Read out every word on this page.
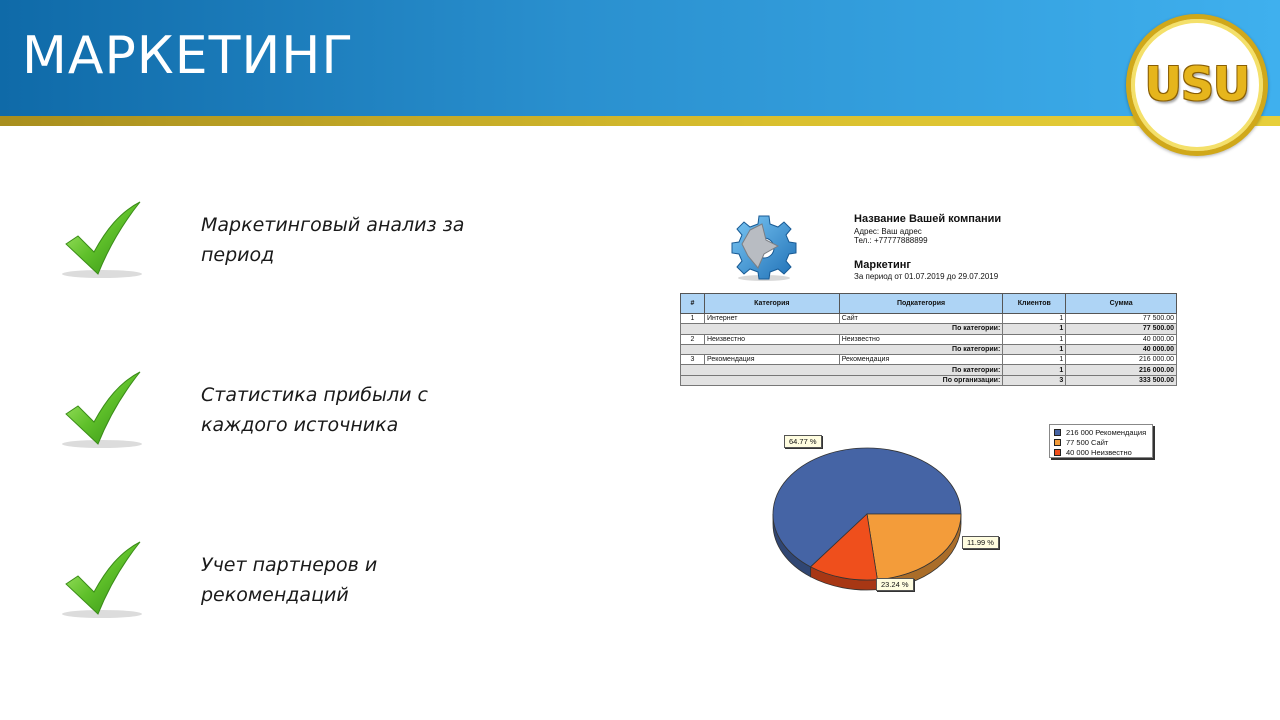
МАРКЕТИНГ	USU
Маркетинговый анализ за период
Статистика прибыли с каждого источника
Учет партнеров и рекомендаций
Название Вашей компании
Адрес: Ваш адрес
Тел.: +77777888899
Маркетинг
За период от 01.07.2019 до 29.07.2019
#	Категория	Подкатегория	Клиентов	Сумма
1	Интернет	Сайт	1	77 500.00
По категории:			1	77 500.00
2	Неизвестно	Неизвестно	1	40 000.00
По категории:			1	40 000.00
3	Рекомендация	Рекомендация	1	216 000.00
По категории:			1	216 000.00
По организации:			3	333 500.00
216 000 Рекомендация
77 500 Сайт
40 000 Неизвестно
64.77 %
23.24 %
11.99 %
